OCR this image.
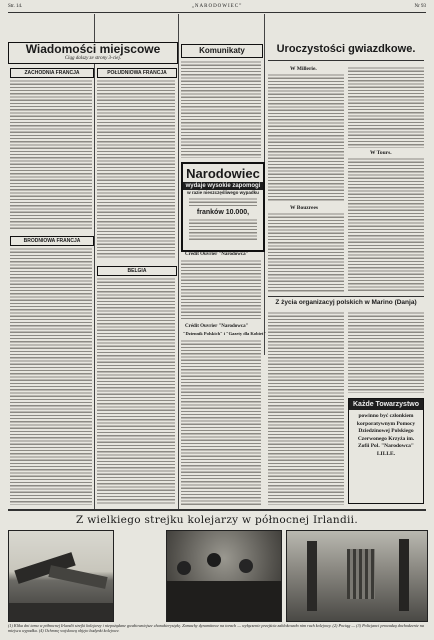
Str. 14.	„NARODOWIEC”	Nr 93
Wiadomości miejscowe
Ciąg dalszy ze strony 3-ciej.
ZACHODNIA FRANCJA	POŁUDNIOWA FRANCJA
BRODNIOWA FRANCJA
BELGIA
Komunikaty
Narodowiec
wydaje wysokie zapomogi
w razie nieszczęśliwego wypadku
franków 10.000,
Crédit Ouvrier "Narodowca"
Crédit Ouvrier "Narodowca"
"Dziennik Polskich" i "Gazety dla Kobiet"
Uroczystości gwiazdkowe.
W Millerie.
W Bouzrees
W Tours.
Z życia organizacyj polskich w Marino (Danja)
Każde Towarzystwo
powinno być członkiem korporatywnym Pomocy Dziedzinowej Polskiego Czerwonego Krzyża im. Zofii Pol. "Narodowca" LILLE.
Z wielkiego strejku kolejarzy w północnej Irlandii.
(1) Klika dni temu w północnej Irlandii strejki kolejarzy i niepożądane gwałtowniejsze charakterystykę. Zamachy dynamitowe na torach — wyłączenie przejścia zablokowało nim ruch kolejowy. (2) Pociąg — (3) Policjanci prowadzą dochodzenie na miejscu wypadku. (4) Ochronę wojskową objęto budynki kolejowe.
